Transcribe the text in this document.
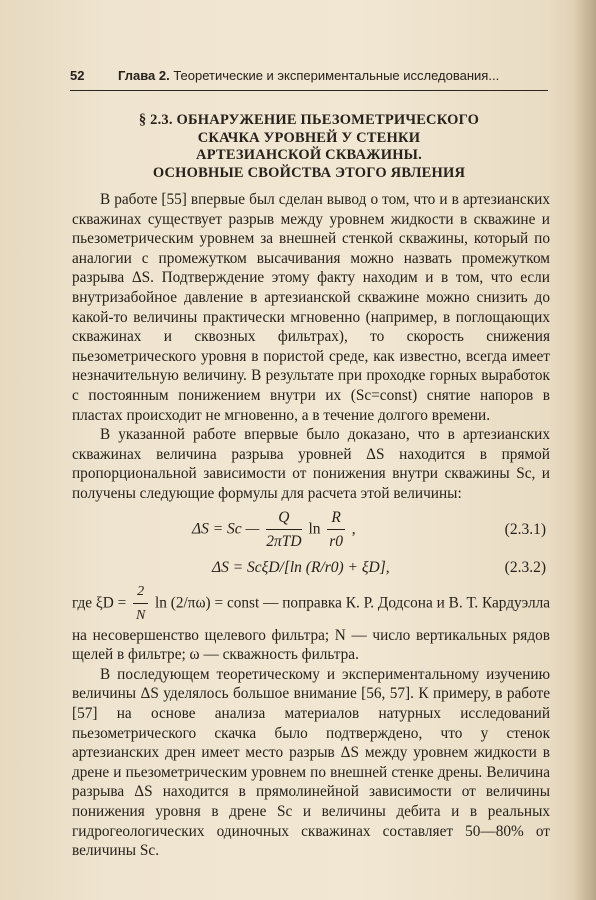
52	Глава 2. Теоретические и экспериментальные исследования...
§ 2.3. ОБНАРУЖЕНИЕ ПЬЕЗОМЕТРИЧЕСКОГО
СКАЧКА УРОВНЕЙ У СТЕНКИ
АРТЕЗИАНСКОЙ СКВАЖИНЫ.
ОСНОВНЫЕ СВОЙСТВА ЭТОГО ЯВЛЕНИЯ

В работе [55] впервые был сделан вывод о том, что и в артезианских скважинах существует разрыв между уровнем жидкости в скважине и пьезометрическим уровнем за внешней стенкой скважины, который по аналогии с промежутком высачивания можно назвать промежутком разрыва ΔS. Подтверждение этому факту находим и в том, что если внутризабойное давление в артезианской скважине можно снизить до какой-то величины практически мгновенно (например, в поглощающих скважинах и сквозных фильтрах), то скорость снижения пьезометрического уровня в пористой среде, как известно, всегда имеет незначительную величину. В результате при проходке горных выработок с постоянным понижением внутри их (Sc=const) снятие напоров в пластах происходит не мгновенно, а в течение долгого времени.

В указанной работе впервые было доказано, что в артезианских скважинах величина разрыва уровней ΔS находится в прямой пропорциональной зависимости от понижения внутри скважины Sc, и получены следующие формулы для расчета этой величины:

ΔS = Sc — $\frac{Q}{\text{2πTD}}$ $\ln \frac{R}{r0}$ ,	(2.3.1)
ΔS = ScξD/[ln (R/r0) + ξD],	(2.3.2)

где $\xi D = \frac{2}{N}$ ln (2/πω) = const — поправка К. Р. Додсона и В. Т. Кардуэлла на несовершенство щелевого фильтра; N — число вертикальных рядов щелей в фильтре; ω — скважность фильтра.

В последующем теоретическому и экспериментальному изучению величины ΔS уделялось большое внимание [56, 57]. К примеру, в работе [57] на основе анализа материалов натурных исследований пьезометрического скачка было подтверждено, что у стенок артезианских дрен имеет место разрыв ΔS между уровнем жидкости в дрене и пьезометрическим уровнем по внешней стенке дрены. Величина разрыва ΔS находится в прямолинейной зависимости от величины понижения уровня в дрене Sc и величины дебита и в реальных гидрогеологических одиночных скважинах составляет 50—80% от величины Sc.
